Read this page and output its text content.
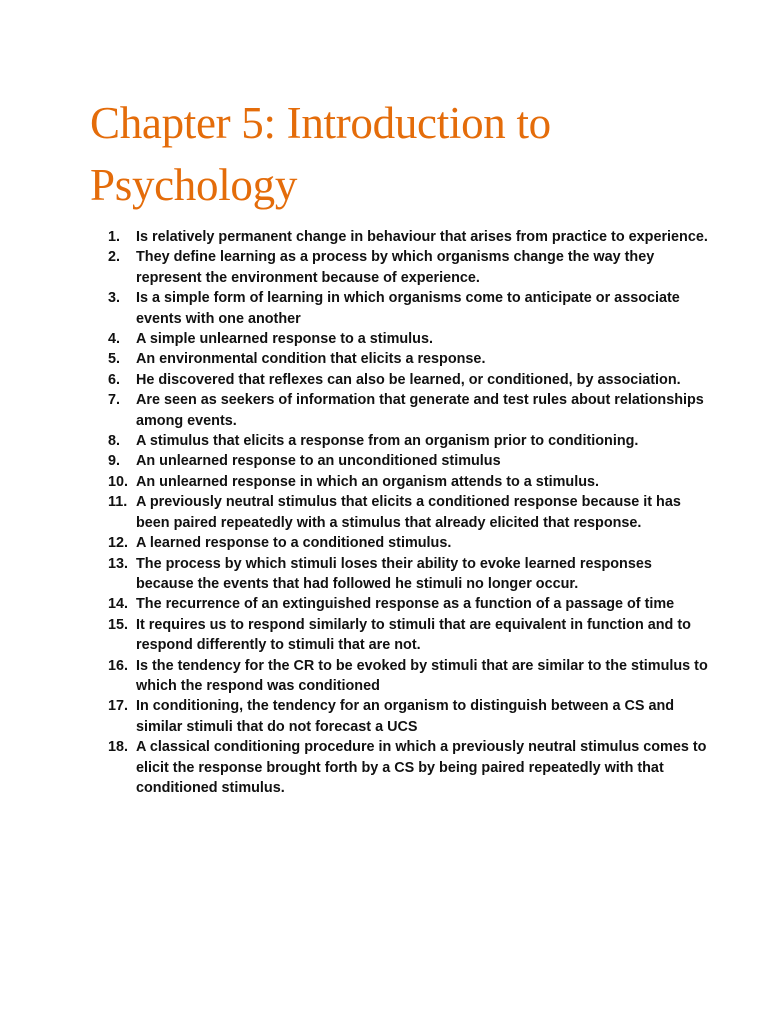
Chapter 5: Introduction to Psychology
1. Is relatively permanent change in behaviour that arises from practice to experience.
2. They define learning as a process by which organisms change the way they represent the environment because of experience.
3. Is a simple form of learning in which organisms come to anticipate or associate events with one another
4. A simple unlearned response to a stimulus.
5. An environmental condition that elicits a response.
6. He discovered that reflexes can also be learned, or conditioned, by association.
7. Are seen as seekers of information that generate and test rules about relationships among events.
8. A stimulus that elicits a response from an organism prior to conditioning.
9. An unlearned response to an unconditioned stimulus
10. An unlearned response in which an organism attends to a stimulus.
11. A previously neutral stimulus that elicits a conditioned response because it has been paired repeatedly with a stimulus that already elicited that response.
12. A learned response to a conditioned stimulus.
13. The process by which stimuli loses their ability to evoke learned responses because the events that had followed he stimuli no longer occur.
14. The recurrence of an extinguished response as a function of a passage of time
15. It requires us to respond similarly to stimuli that are equivalent in function and to respond differently to stimuli that are not.
16. Is the tendency for the CR to be evoked by stimuli that are similar to the stimulus to which the respond was conditioned
17. In conditioning, the tendency for an organism to distinguish between a CS and similar stimuli that do not forecast a UCS
18. A classical conditioning procedure in which a previously neutral stimulus comes to elicit the response brought forth by a CS by being paired repeatedly with that conditioned stimulus.
